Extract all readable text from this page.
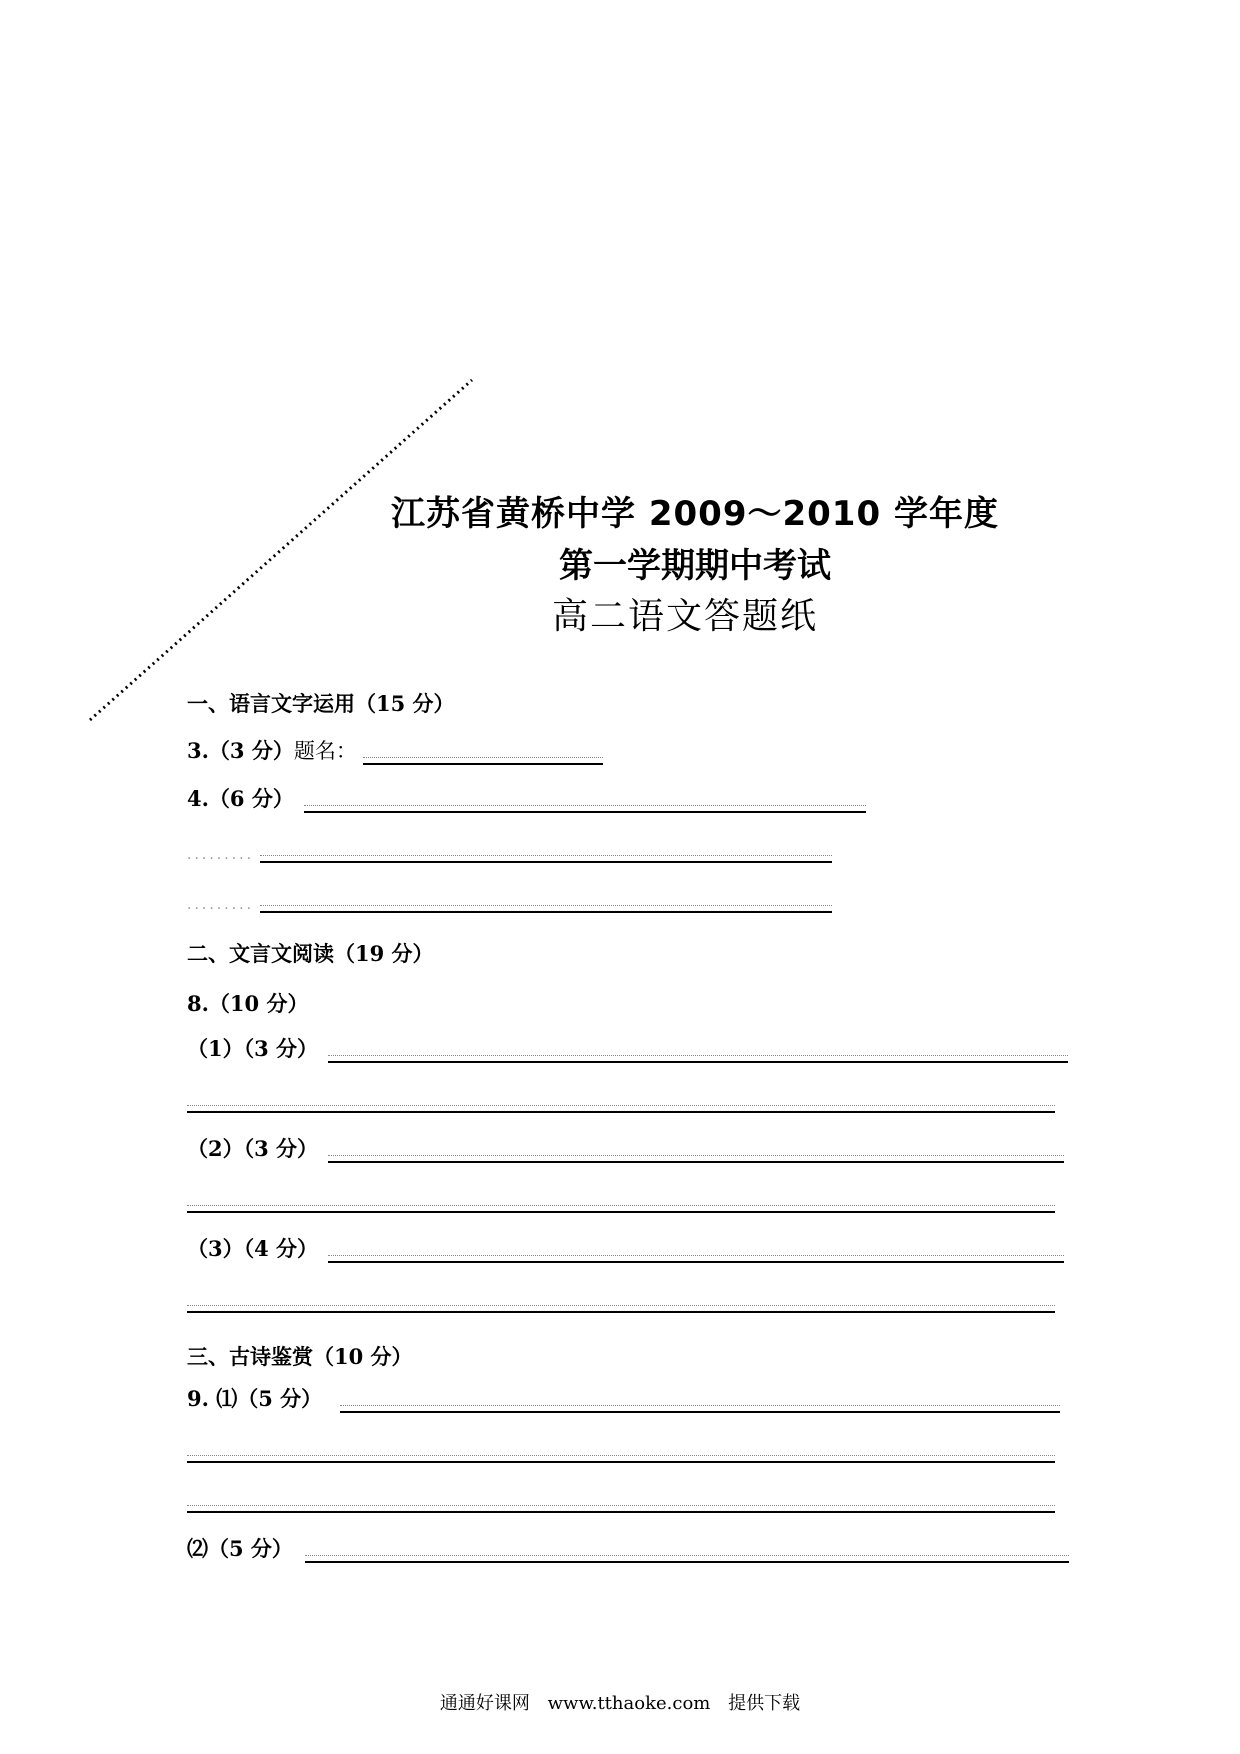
江苏省黄桥中学 2009～2010 学年度
第一学期期中考试
高二语文答题纸
一、语言文字运用（15 分）
3.（3 分）题名：
4.（6 分）
.........
.........
二、文言文阅读（19 分）
8.（10 分）
（1）（3 分）
（2）（3 分）
（3）（4 分）
三、古诗鉴赏（10 分）
9. ⑴（5 分）
⑵（5 分）
通通好课网 www.tthaoke.com 提供下载
